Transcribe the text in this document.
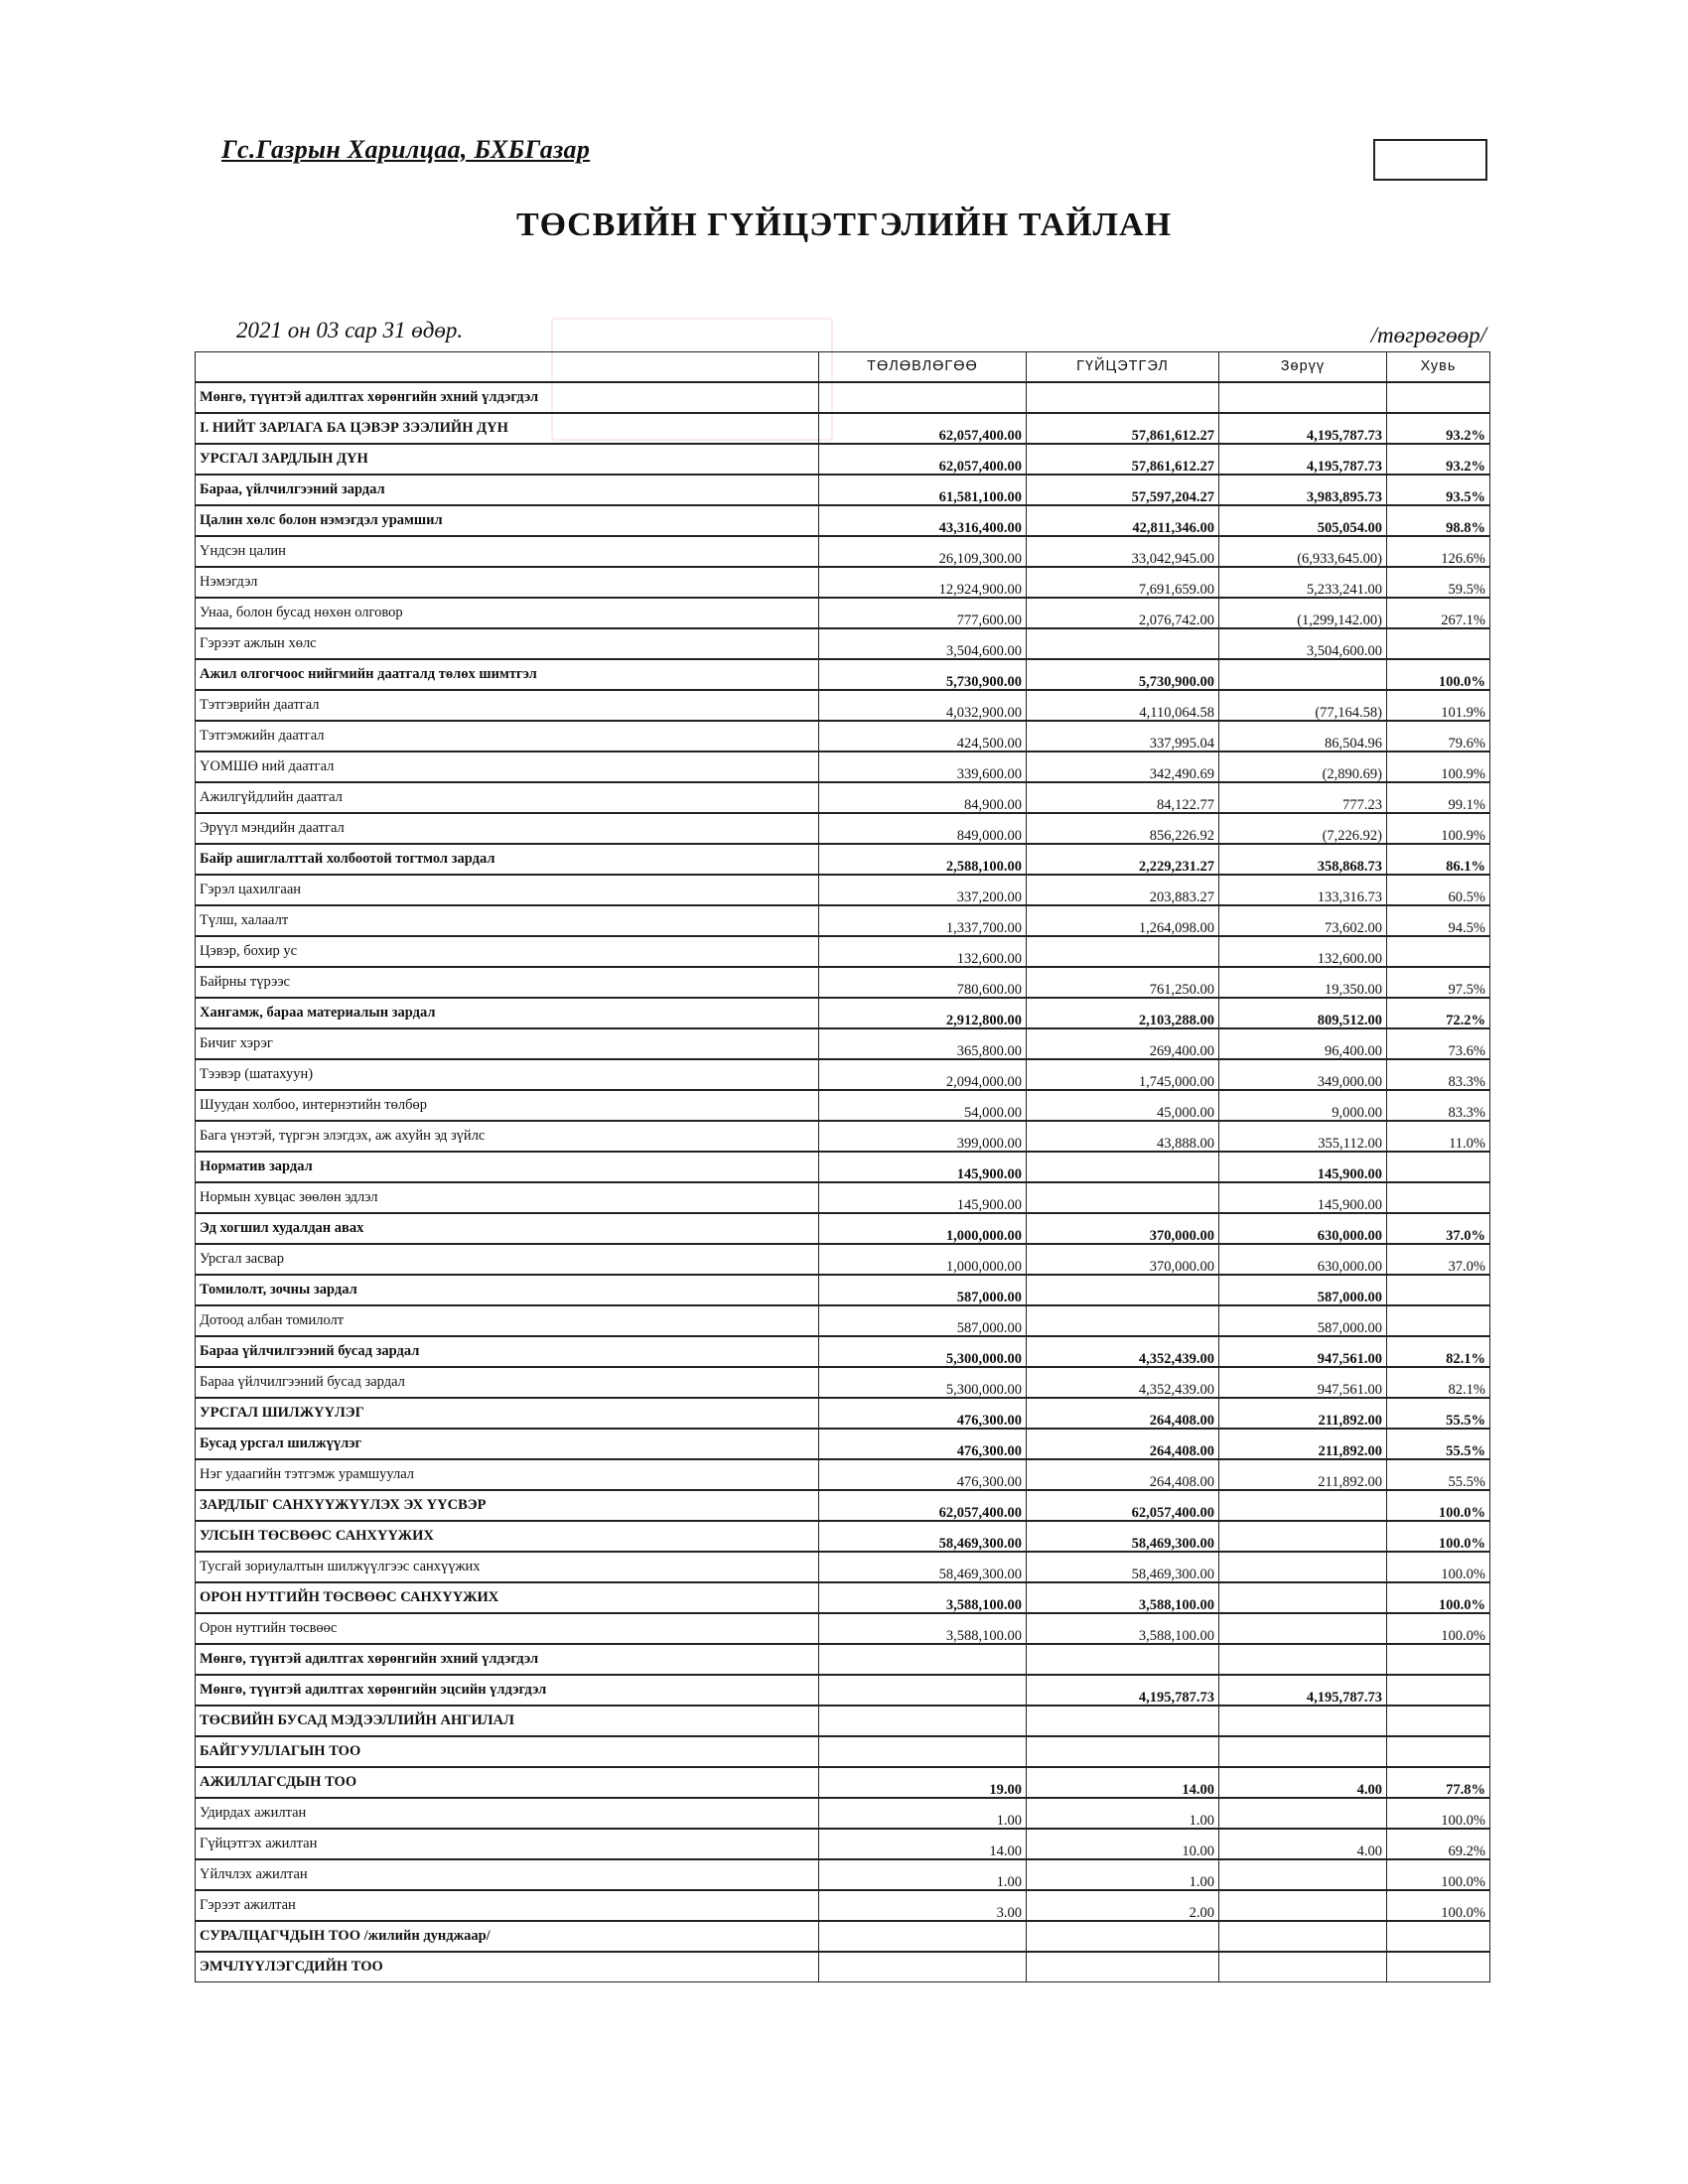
Гс.Газрын Харилцаа, БХБГазар
ТӨСВИЙН ГҮЙЦЭТГЭЛИЙН ТАЙЛАН
2021 он 03 сар 31 өдөр.	/төгрөгөөр/
	ТӨЛӨВЛӨГӨӨ	ГҮЙЦЭТГЭЛ	Зөрүү	Хувь
Мөнгө, түүнтэй адилтгах хөрөнгийн эхний үлдэгдэл				
I. НИЙТ ЗАРЛАГА БА ЦЭВЭР ЗЭЭЛИЙН ДҮН	62,057,400.00	57,861,612.27	4,195,787.73	93.2%
УРСГАЛ ЗАРДЛЫН ДҮН	62,057,400.00	57,861,612.27	4,195,787.73	93.2%
Бараа, үйлчилгээний зардал	61,581,100.00	57,597,204.27	3,983,895.73	93.5%
Цалин хөлс болон нэмэгдэл урамшил	43,316,400.00	42,811,346.00	505,054.00	98.8%
Үндсэн цалин	26,109,300.00	33,042,945.00	(6,933,645.00)	126.6%
Нэмэгдэл	12,924,900.00	7,691,659.00	5,233,241.00	59.5%
Унаа, болон бусад нөхөн олговор	777,600.00	2,076,742.00	(1,299,142.00)	267.1%
Гэрээт ажлын хөлс	3,504,600.00		3,504,600.00	
Ажил олгогчоос нийгмийн даатгалд төлөх шимтгэл	5,730,900.00	5,730,900.00		100.0%
Тэтгэврийн даатгал	4,032,900.00	4,110,064.58	(77,164.58)	101.9%
Тэтгэмжийн даатгал	424,500.00	337,995.04	86,504.96	79.6%
ҮОМШӨ ний даатгал	339,600.00	342,490.69	(2,890.69)	100.9%
Ажилгүйдлийн даатгал	84,900.00	84,122.77	777.23	99.1%
Эрүүл мэндийн даатгал	849,000.00	856,226.92	(7,226.92)	100.9%
Байр ашиглалттай холбоотой тогтмол зардал	2,588,100.00	2,229,231.27	358,868.73	86.1%
Гэрэл цахилгаан	337,200.00	203,883.27	133,316.73	60.5%
Түлш, халаалт	1,337,700.00	1,264,098.00	73,602.00	94.5%
Цэвэр, бохир ус	132,600.00		132,600.00	
Байрны түрээс	780,600.00	761,250.00	19,350.00	97.5%
Хангамж, бараа материалын зардал	2,912,800.00	2,103,288.00	809,512.00	72.2%
Бичиг хэрэг	365,800.00	269,400.00	96,400.00	73.6%
Тээвэр (шатахуун)	2,094,000.00	1,745,000.00	349,000.00	83.3%
Шуудан холбоо, интернэтийн төлбөр	54,000.00	45,000.00	9,000.00	83.3%
Бага үнэтэй, түргэн элэгдэх, аж ахуйн эд зүйлс	399,000.00	43,888.00	355,112.00	11.0%
Норматив зардал	145,900.00		145,900.00	
Нормын хувцас зөөлөн эдлэл	145,900.00		145,900.00	
Эд хогшил худалдан авах	1,000,000.00	370,000.00	630,000.00	37.0%
Урсгал засвар	1,000,000.00	370,000.00	630,000.00	37.0%
Томилолт, зочны зардал	587,000.00		587,000.00	
Дотоод албан томилолт	587,000.00		587,000.00	
Бараа үйлчилгээний бусад зардал	5,300,000.00	4,352,439.00	947,561.00	82.1%
Бараа үйлчилгээний бусад зардал	5,300,000.00	4,352,439.00	947,561.00	82.1%
УРСГАЛ ШИЛЖҮҮЛЭГ	476,300.00	264,408.00	211,892.00	55.5%
Бусад урсгал шилжүүлэг	476,300.00	264,408.00	211,892.00	55.5%
Нэг удаагийн тэтгэмж урамшуулал	476,300.00	264,408.00	211,892.00	55.5%
ЗАРДЛЫГ САНХҮҮЖҮҮЛЭХ ЭХ ҮҮСВЭР	62,057,400.00	62,057,400.00		100.0%
УЛСЫН ТӨСВӨӨС САНХҮҮЖИХ	58,469,300.00	58,469,300.00		100.0%
Тусгай зориулалтын шилжүүлгээс санхүүжих	58,469,300.00	58,469,300.00		100.0%
ОРОН НУТГИЙН ТӨСВӨӨС САНХҮҮЖИХ	3,588,100.00	3,588,100.00		100.0%
Орон нутгийн төсвөөс	3,588,100.00	3,588,100.00		100.0%
Мөнгө, түүнтэй адилтгах хөрөнгийн эхний үлдэгдэл				
Мөнгө, түүнтэй адилтгах хөрөнгийн эцсийн үлдэгдэл		4,195,787.73	4,195,787.73	
ТӨСВИЙН БУСАД МЭДЭЭЛЛИЙН АНГИЛАЛ				
БАЙГУУЛЛАГЫН ТОО				
АЖИЛЛАГСДЫН ТОО	19.00	14.00	4.00	77.8%
Удирдах ажилтан	1.00	1.00		100.0%
Гүйцэтгэх ажилтан	14.00	10.00	4.00	69.2%
Үйлчлэх ажилтан	1.00	1.00		100.0%
Гэрээт ажилтан	3.00	2.00		100.0%
СУРАЛЦАГЧДЫН ТОО /жилийн дунджаар/				
ЭМЧЛҮҮЛЭГСДИЙН ТОО				
